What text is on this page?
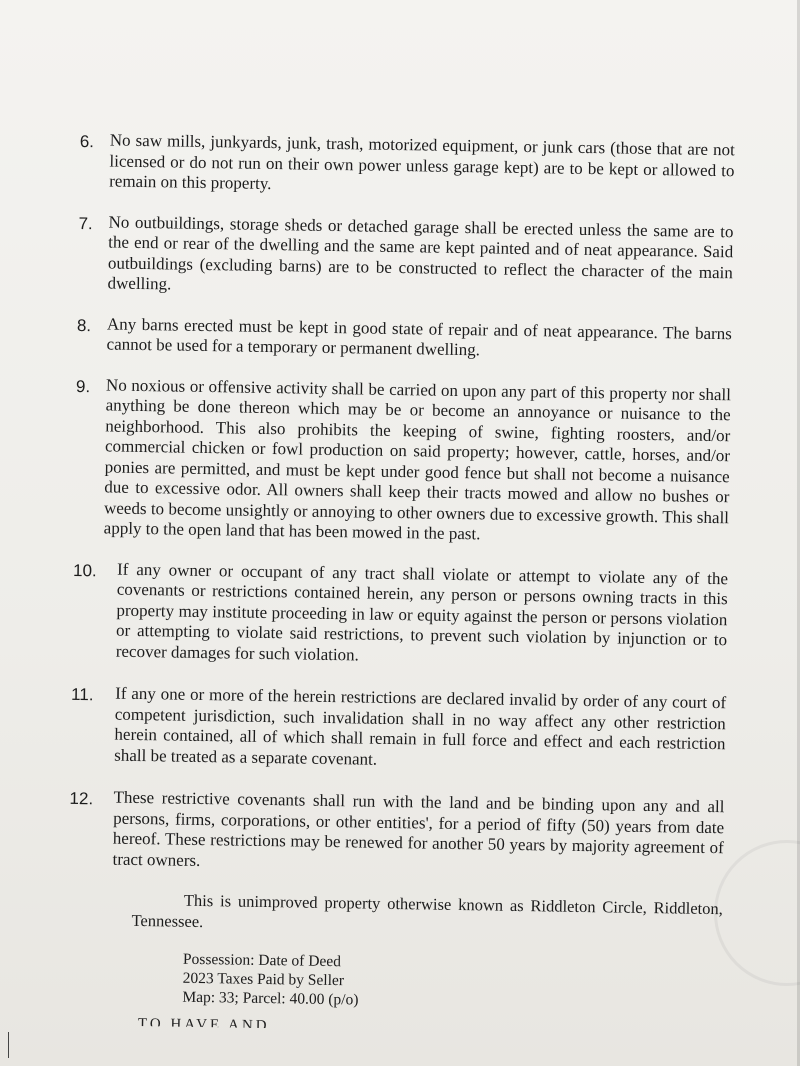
6. No saw mills, junkyards, junk, trash, motorized equipment, or junk cars (those that are not licensed or do not run on their own power unless garage kept) are to be kept or allowed to remain on this property.
7. No outbuildings, storage sheds or detached garage shall be erected unless the same are to the end or rear of the dwelling and the same are kept painted and of neat appearance. Said outbuildings (excluding barns) are to be constructed to reflect the character of the main dwelling.
8. Any barns erected must be kept in good state of repair and of neat appearance. The barns cannot be used for a temporary or permanent dwelling.
9. No noxious or offensive activity shall be carried on upon any part of this property nor shall anything be done thereon which may be or become an annoyance or nuisance to the neighborhood. This also prohibits the keeping of swine, fighting roosters, and/or commercial chicken or fowl production on said property; however, cattle, horses, and/or ponies are permitted, and must be kept under good fence but shall not become a nuisance due to excessive odor. All owners shall keep their tracts mowed and allow no bushes or weeds to become unsightly or annoying to other owners due to excessive growth. This shall apply to the open land that has been mowed in the past.
10.	If any owner or occupant of any tract shall violate or attempt to violate any of the covenants or restrictions contained herein, any person or persons owning tracts in this property may institute proceeding in law or equity against the person or persons violation or attempting to violate said restrictions, to prevent such violation by injunction or to recover damages for such violation.
11.	If any one or more of the herein restrictions are declared invalid by order of any court of competent jurisdiction, such invalidation shall in no way affect any other restriction herein contained, all of which shall remain in full force and effect and each restriction shall be treated as a separate covenant.
12.	These restrictive covenants shall run with the land and be binding upon any and all persons, firms, corporations, or other entities', for a period of fifty (50) years from date hereof. These restrictions may be renewed for another 50 years by majority agreement of tract owners.
This is unimproved property otherwise known as Riddleton Circle, Riddleton, Tennessee.
Possession: Date of Deed
2023 Taxes Paid by Seller
Map: 33; Parcel: 40.00 (p/o)
TO HAVE AND
